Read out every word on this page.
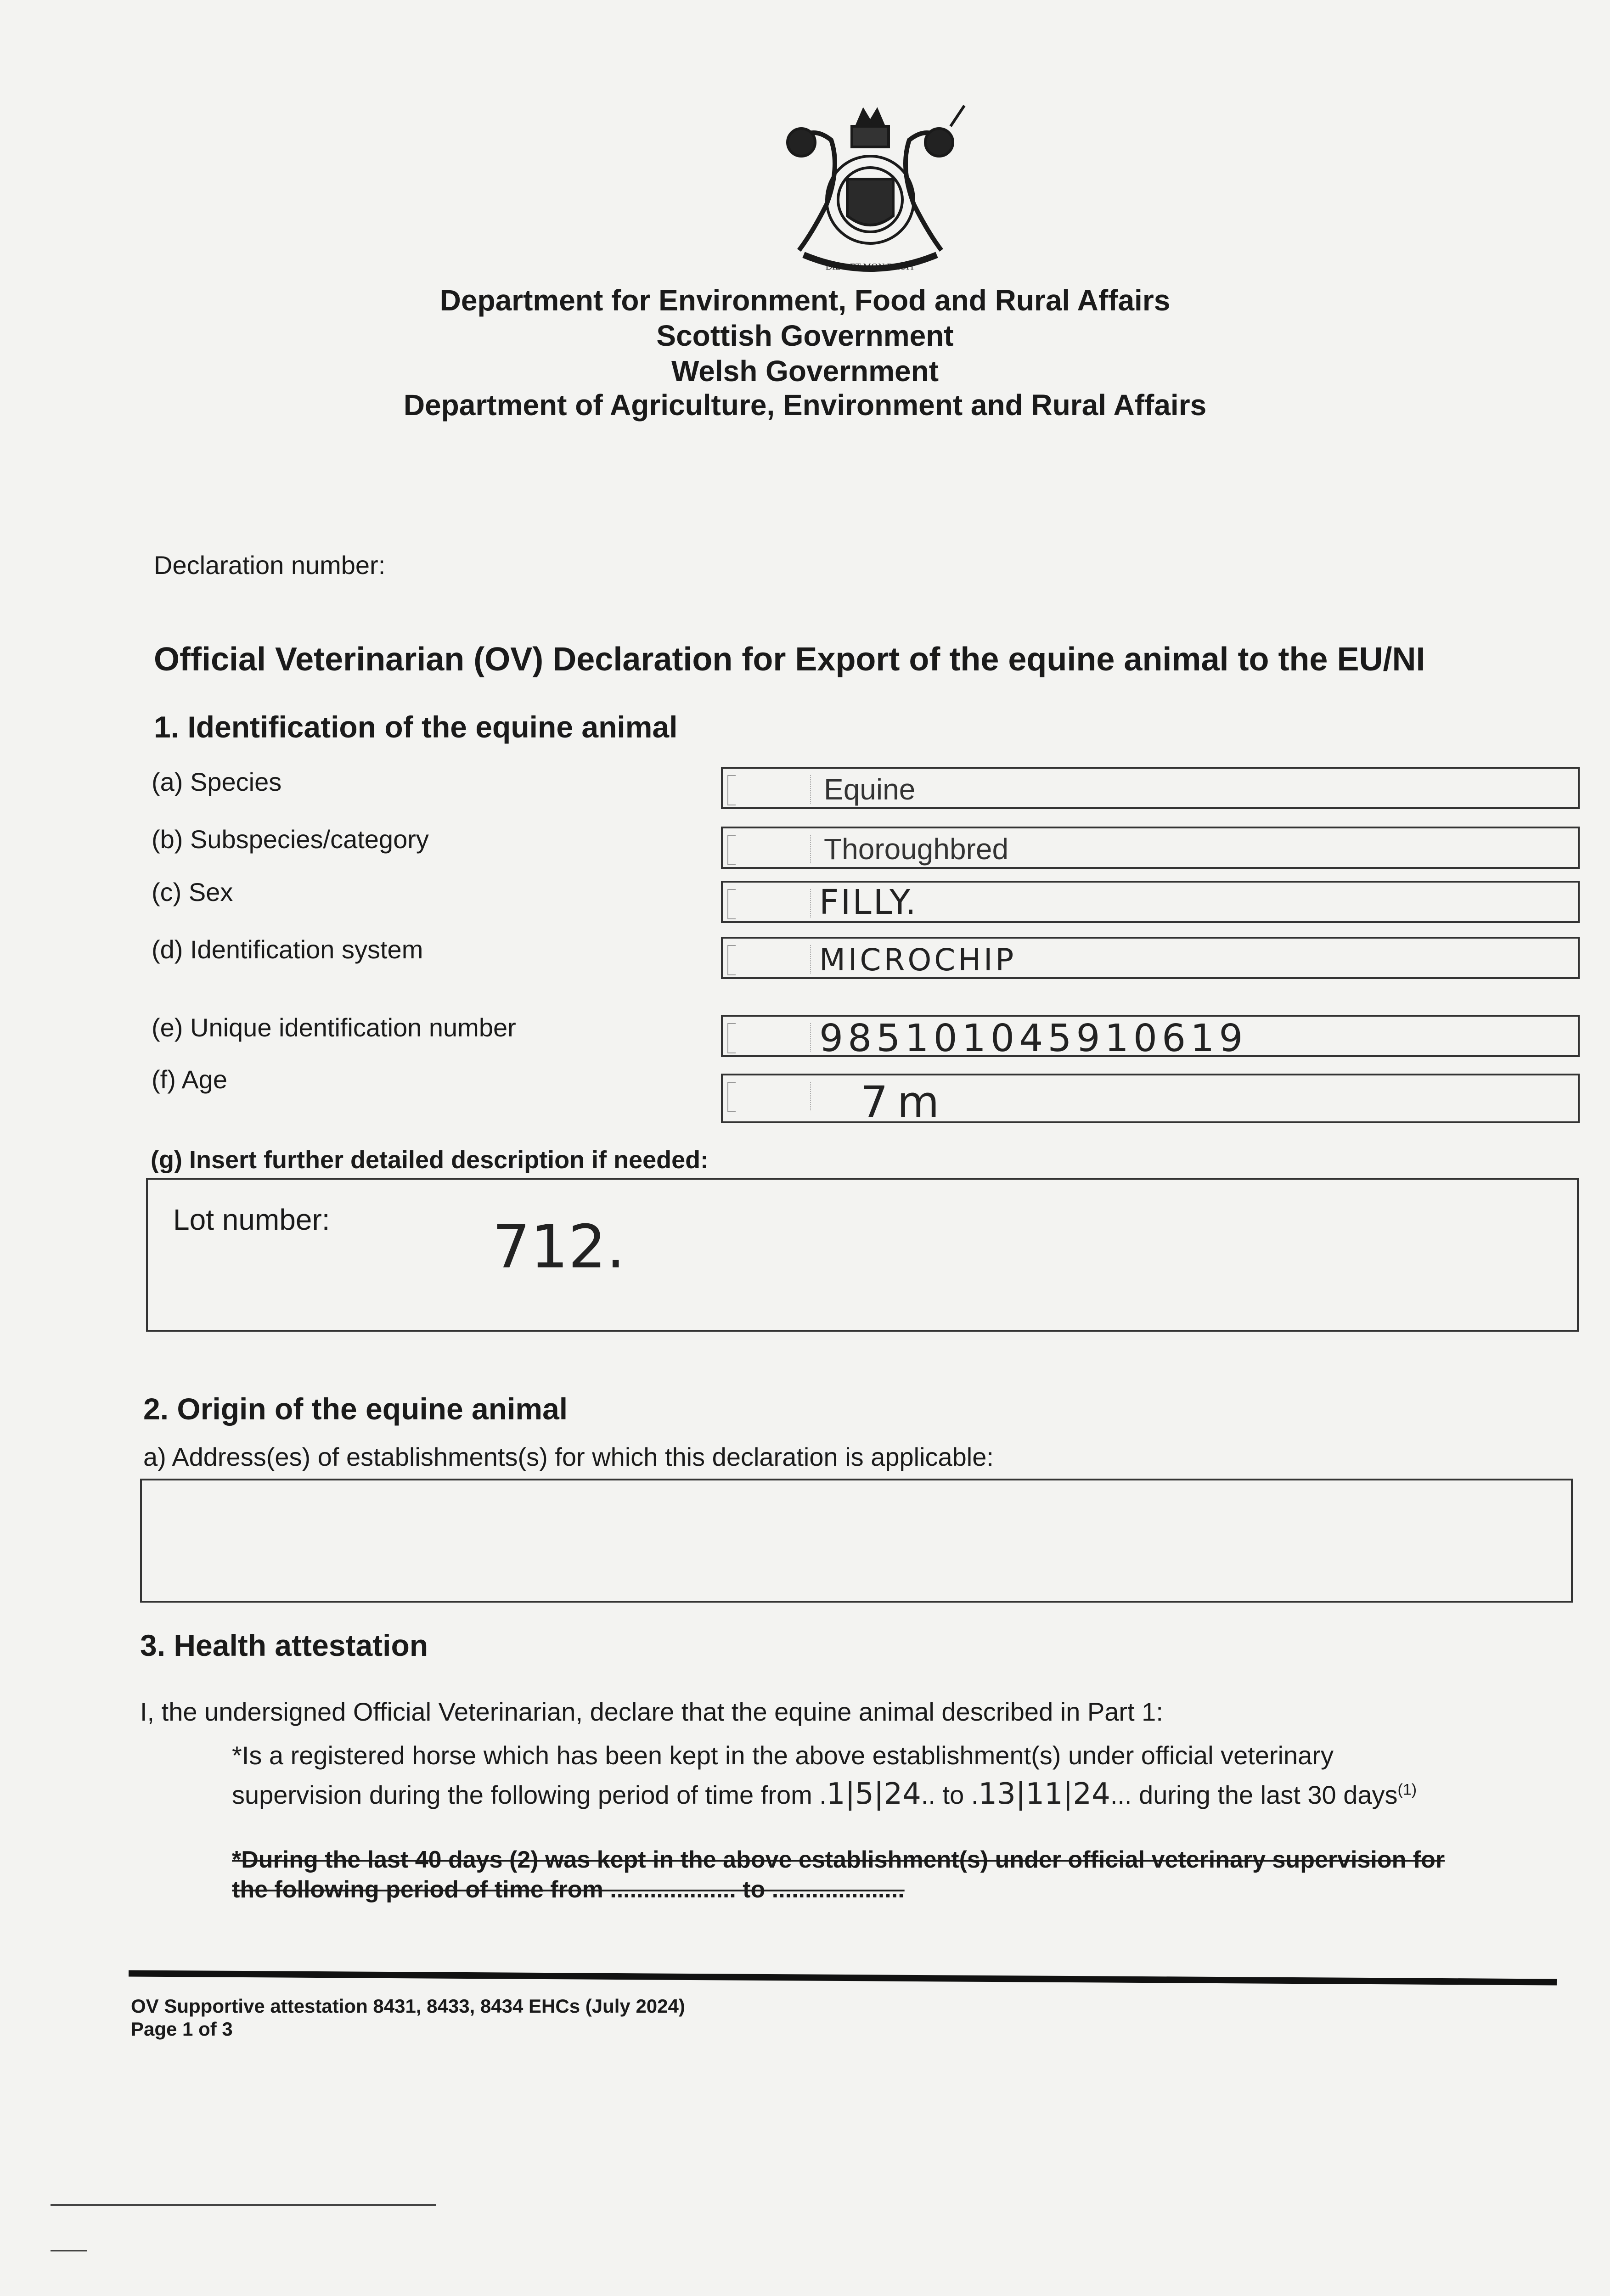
DIEU ET MON DROIT
Department for Environment, Food and Rural Affairs
Scottish Government
Welsh Government
Department of Agriculture, Environment and Rural Affairs
Declaration number:
Official Veterinarian (OV) Declaration for Export of the equine animal to the EU/NI
1. Identification of the equine animal
(a) Species	Equine
(b) Subspecies/category	Thoroughbred
(c) Sex	FILLY.
(d) Identification system	MICROCHIP
(e) Unique identification number	985101045910619
(f) Age	7m
(g) Insert further detailed description if needed:
Lot number:	712.
2. Origin of the equine animal
a) Address(es) of establishments(s) for which this declaration is applicable:
3. Health attestation
I, the undersigned Official Veterinarian, declare that the equine animal described in Part 1:
*Is a registered horse which has been kept in the above establishment(s) under official veterinary
supervision during the following period of time from .1|5|24.. to .13|11|24... during the last 30 days$^{(1)}$
*During the last 40 days (2) was kept in the above establishment(s) under official veterinary supervision for
the following period of time from ................... to ....................
OV Supportive attestation 8431, 8433, 8434 EHCs (July 2024)
Page 1 of 3
